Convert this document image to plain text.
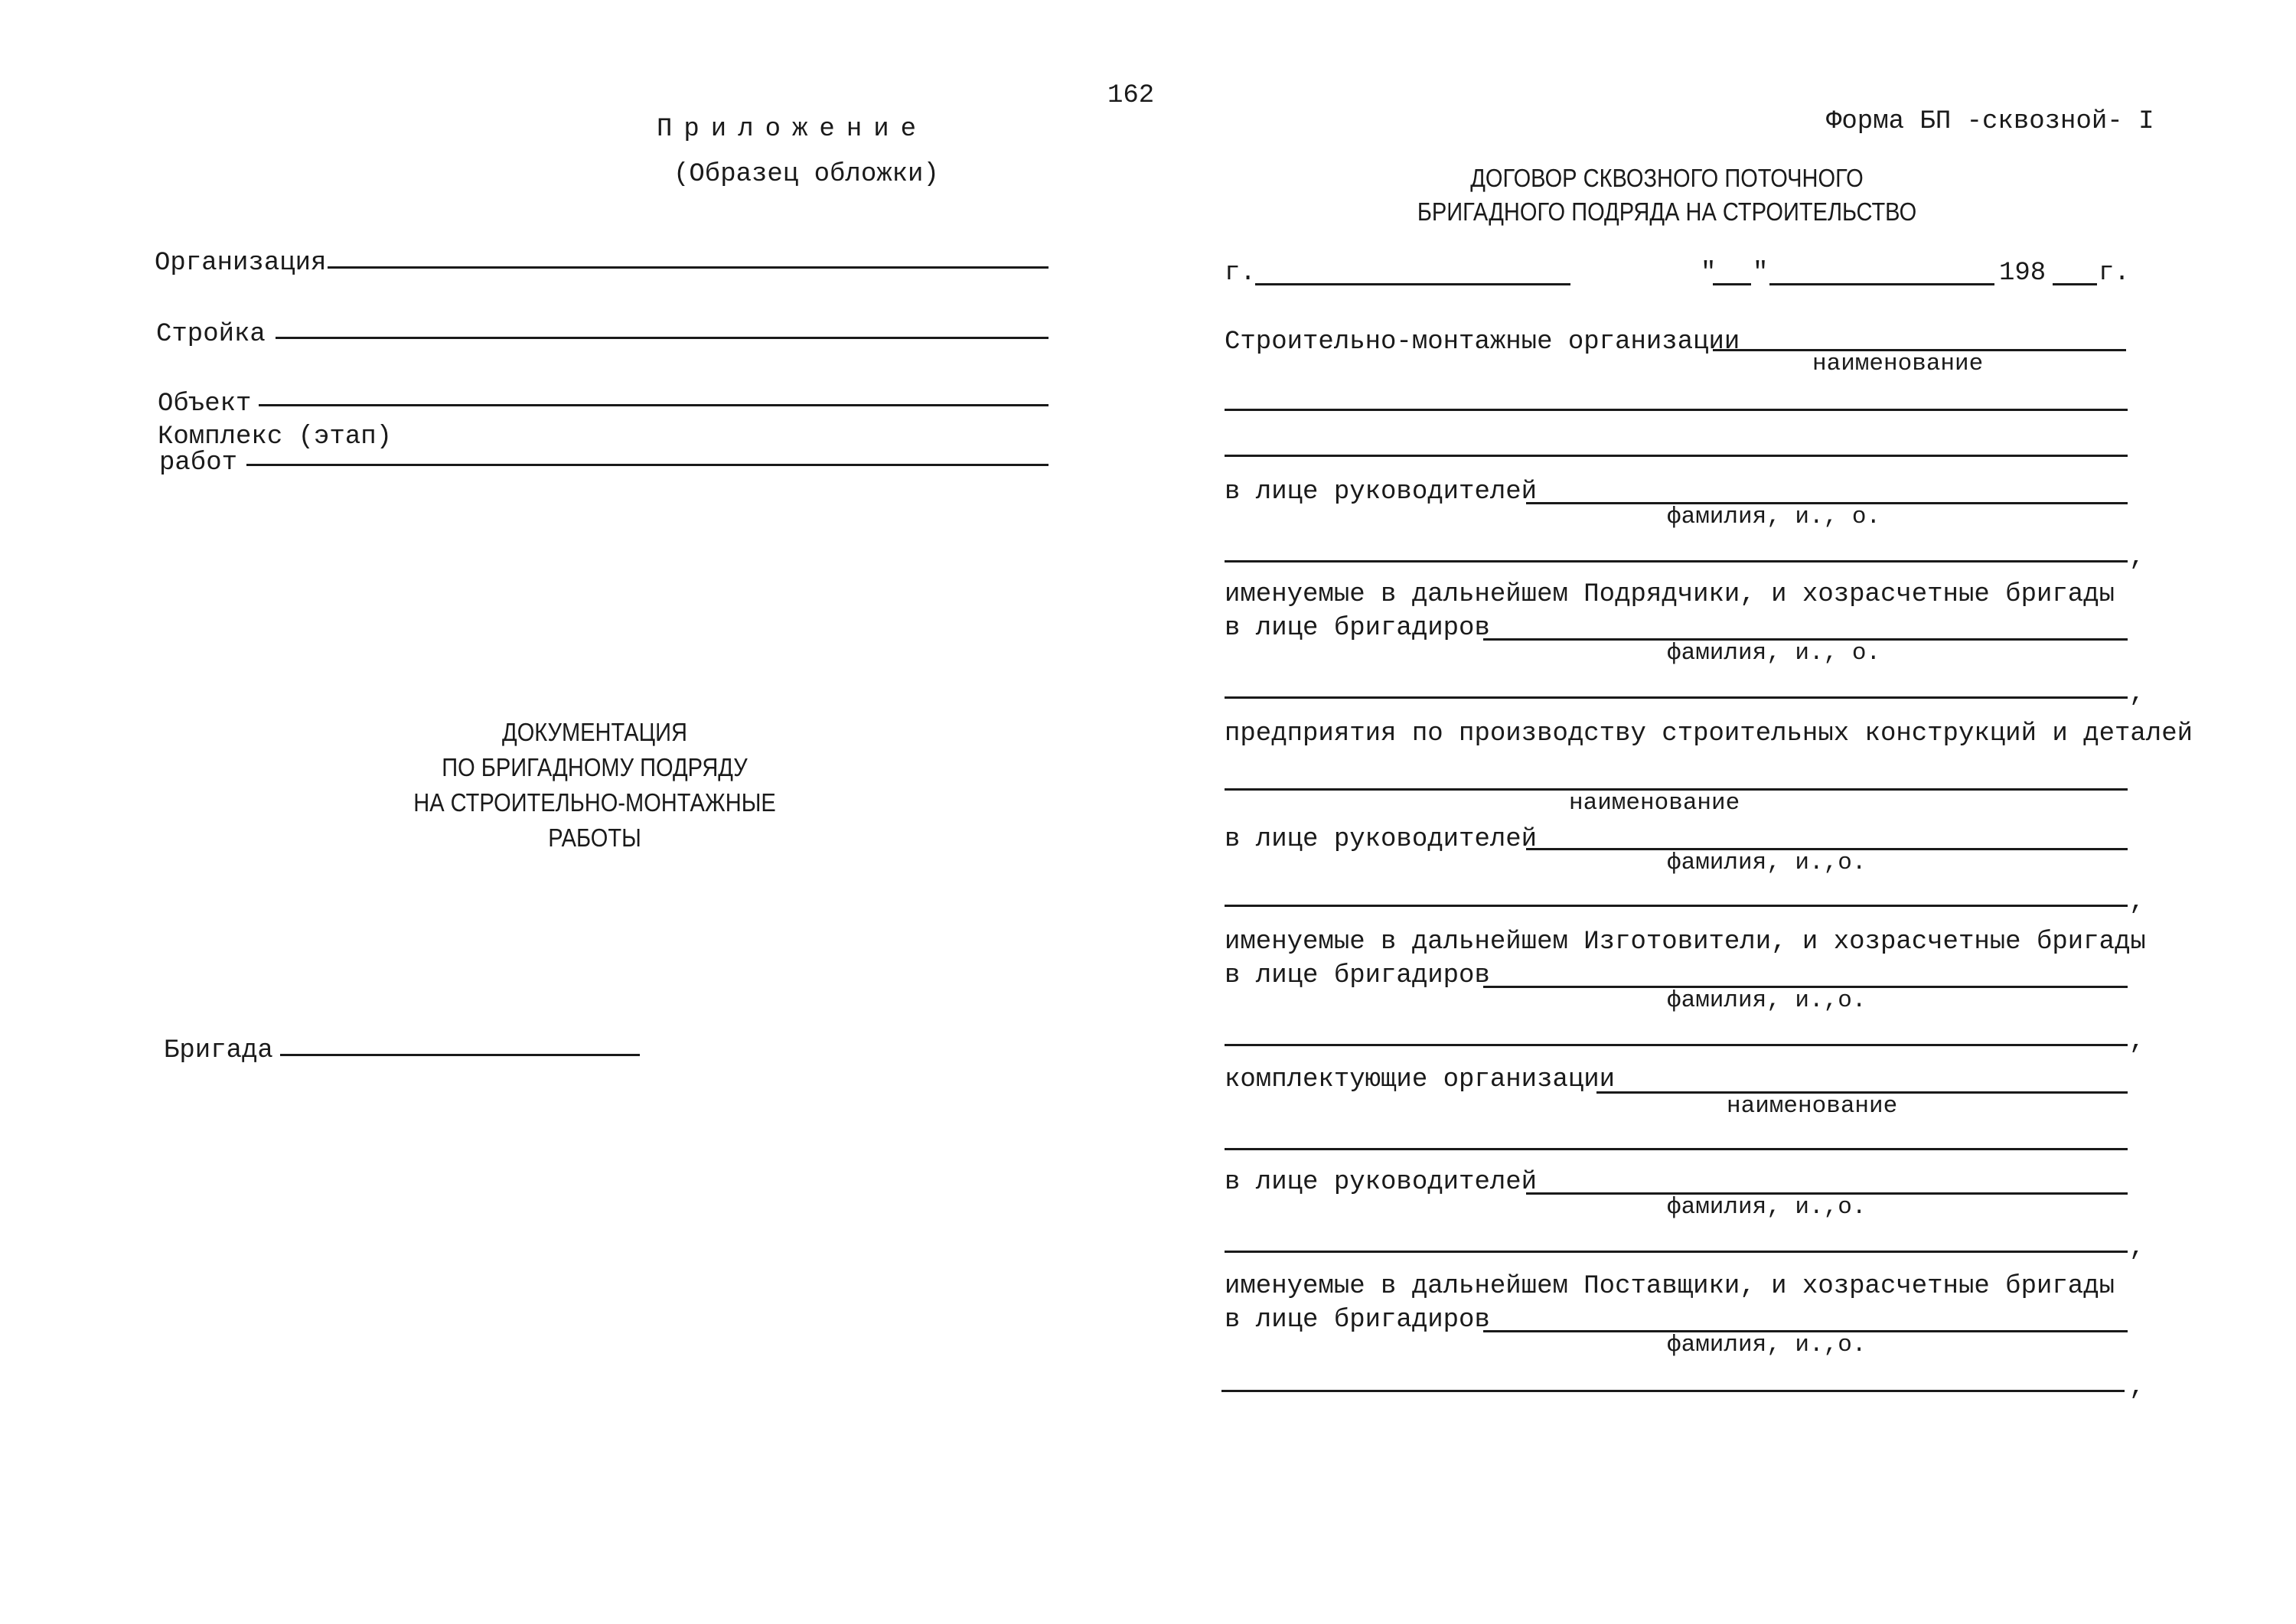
162
Приложение
(Образец обложки)
Организация
Стройка
Объект
Комплекс (этап)
работ
ДОКУМЕНТАЦИЯ
ПО БРИГАДНОМУ ПОДРЯДУ
НА СТРОИТЕЛЬНО-МОНТАЖНЫЕ
РАБОТЫ
Бригада
Форма БП -сквозной- I
ДОГОВОР СКВОЗНОГО ПОТОЧНОГО
БРИГАДНОГО ПОДРЯДА НА СТРОИТЕЛЬСТВО
г.	" "	198 г.
Строительно-монтажные организации
наименование
в лице руководителей
фамилия, и., о.
,
именуемые в дальнейшем Подрядчики, и хозрасчетные бригады
в лице бригадиров
фамилия, и., о.
,
предприятия по производству строительных конструкций и деталей
наименование
в лице руководителей
фамилия, и.,о.
,
именуемые в дальнейшем Изготовители, и хозрасчетные бригады
в лице бригадиров
фамилия, и.,о.
,
комплектующие организации
наименование
в лице руководителей
фамилия, и.,о.
,
именуемые в дальнейшем Поставщики, и хозрасчетные бригады
в лице бригадиров
фамилия, и.,о.
,
